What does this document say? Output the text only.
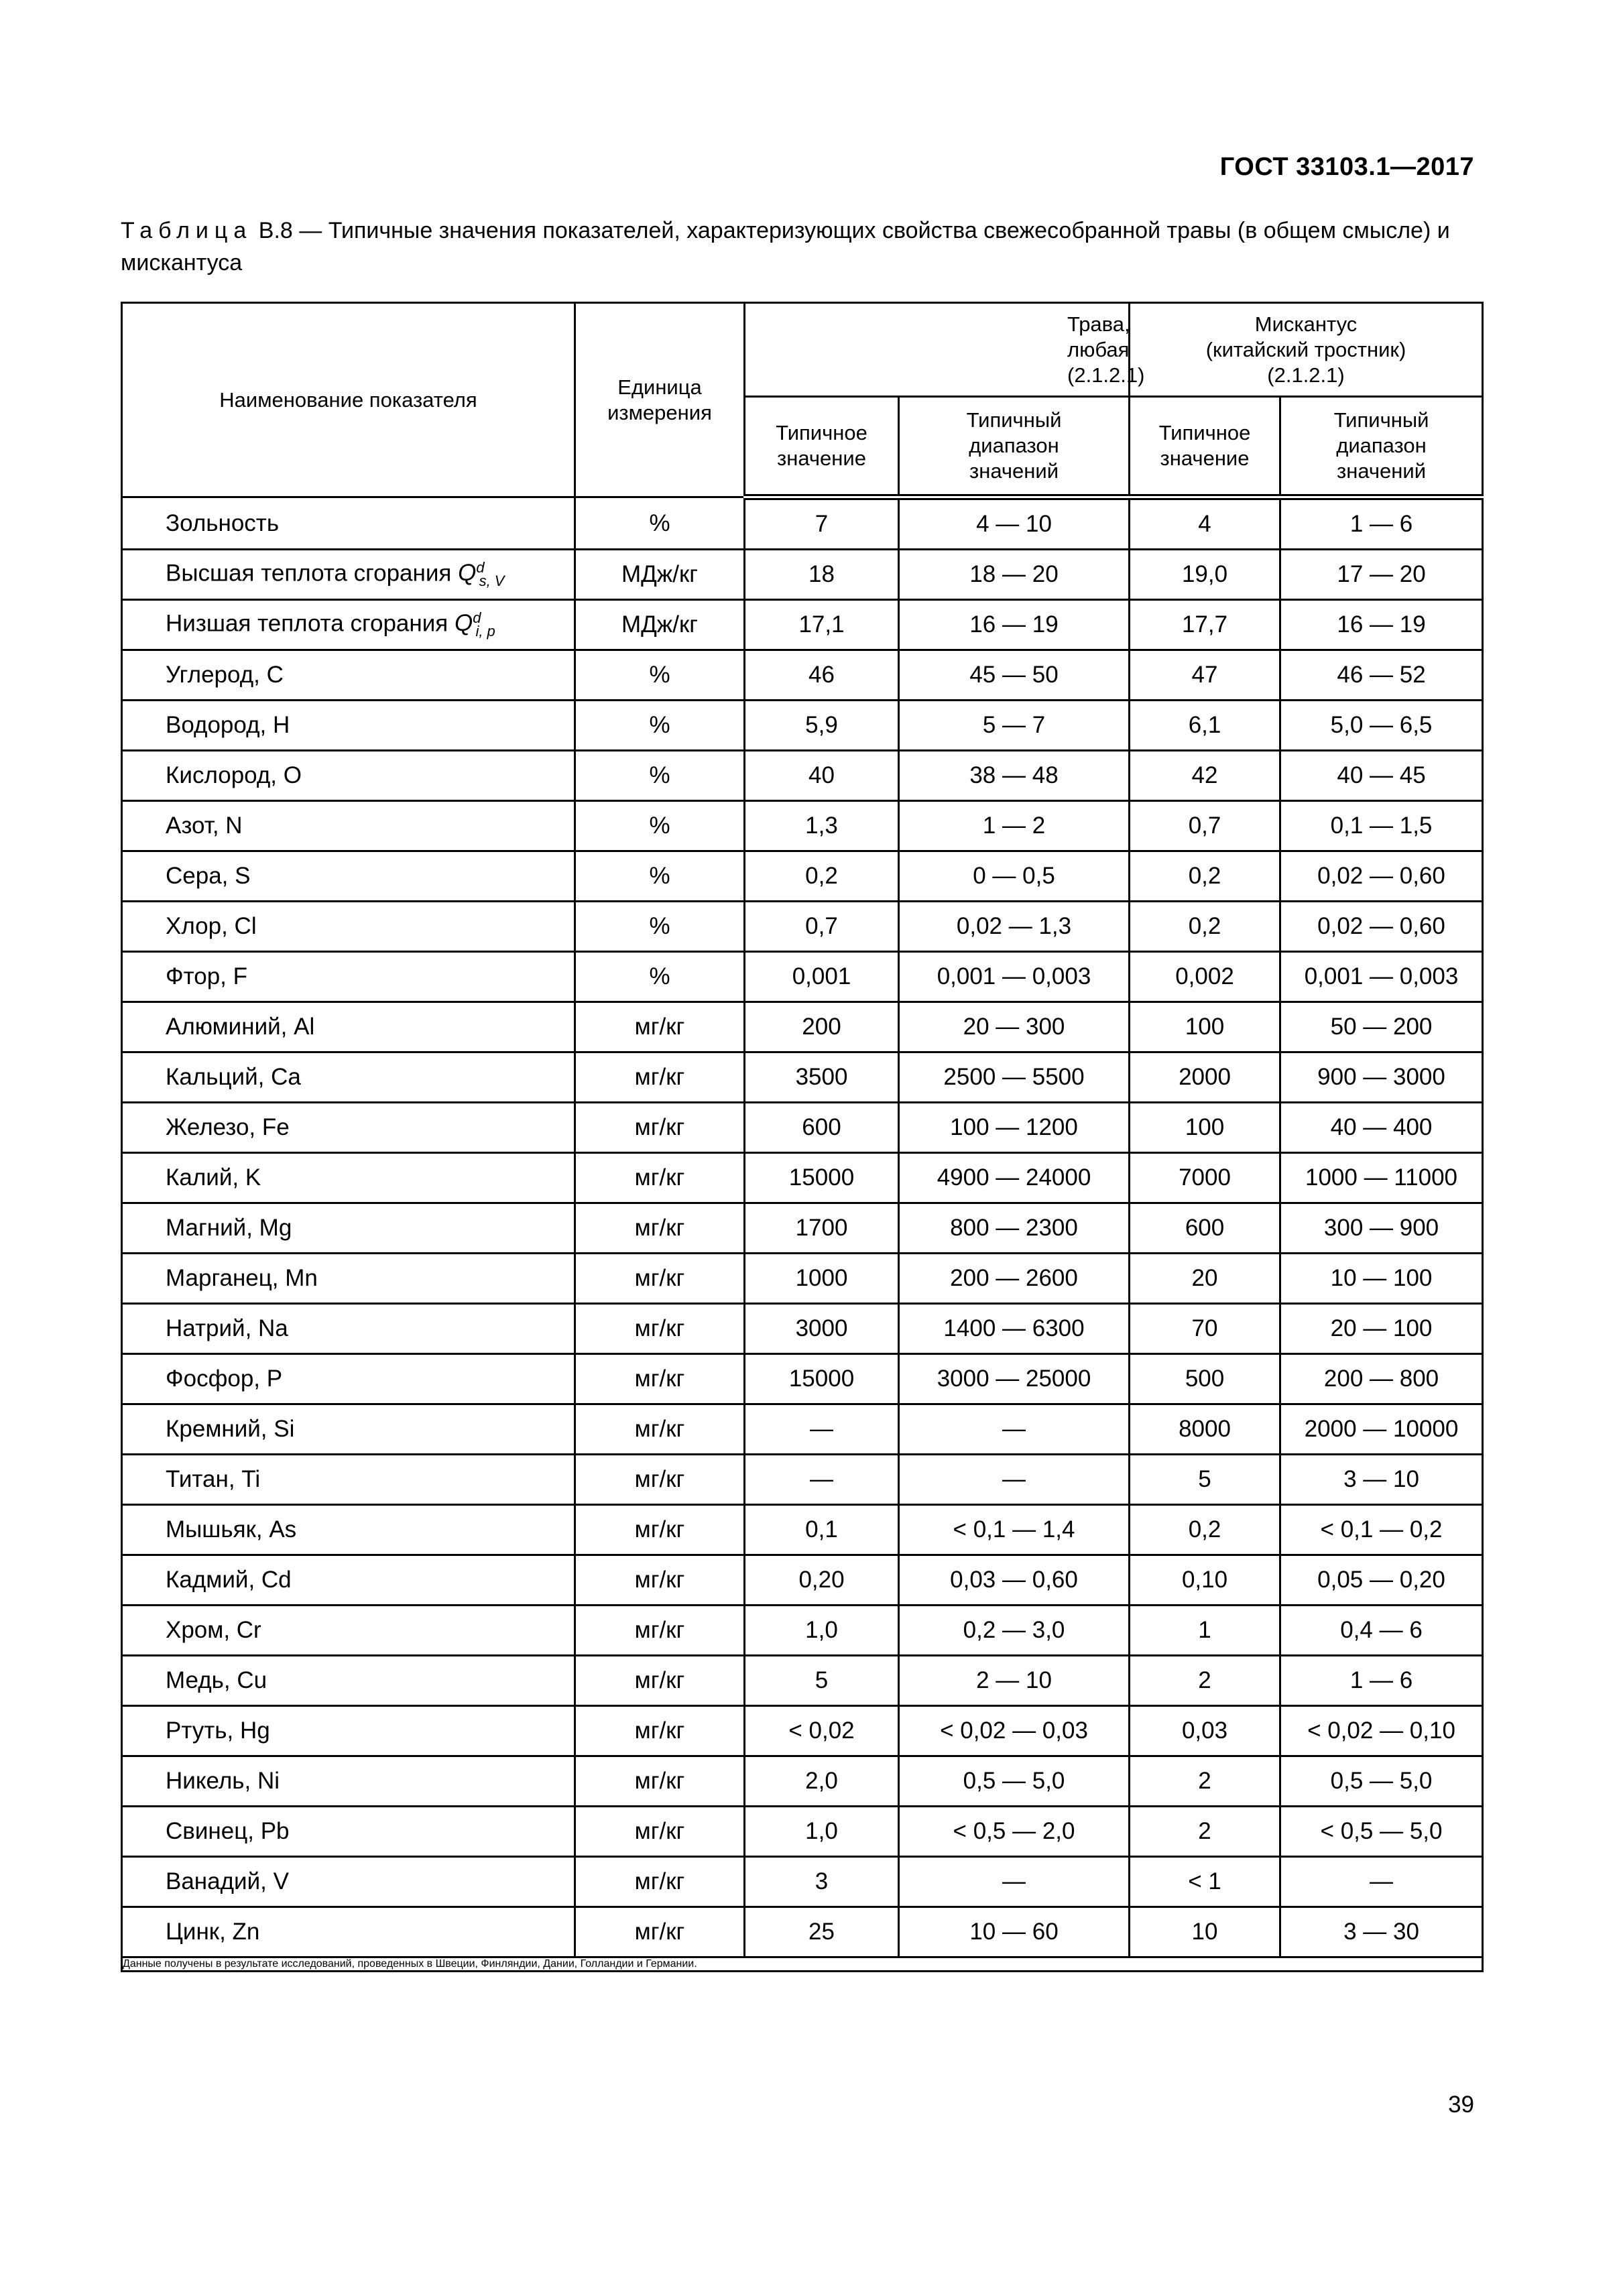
ГОСТ 33103.1—2017
Таблица В.8 — Типичные значения показателей, характеризующих свойства свежесобранной травы (в общем смысле) и мискантуса
Наименование показателя	Единица измерения	Трава, любая (2.1.2.1)		Мискантус
(китайский тростник)
(2.1.2.1)	

		Типичное значение	Типичный диапазон значений	Типичное значение	Типичный диапазон значений
Зольность	%	7	4 — 10	4	1 — 6
Высшая теплота сгорания $Q^d_{s, V}$	МДж/кг	18	18 — 20	19,0	17 — 20
Низшая теплота сгорания $Q^d_{i, p}$	МДж/кг	17,1	16 — 19	17,7	16 — 19
Углерод, C	%	46	45 — 50	47	46 — 52
Водород, H	%	5,9	5 — 7	6,1	5,0 — 6,5
Кислород, O	%	40	38 — 48	42	40 — 45
Азот, N	%	1,3	1 — 2	0,7	0,1 — 1,5
Сера, S	%	0,2	0 — 0,5	0,2	0,02 — 0,60
Хлор, Cl	%	0,7	0,02 — 1,3	0,2	0,02 — 0,60
Фтор, F	%	0,001	0,001 — 0,003	0,002	0,001 — 0,003
Алюминий, Al	мг/кг	200	20 — 300	100	50 — 200
Кальций, Ca	мг/кг	3500	2500 — 5500	2000	900 — 3000
Железо, Fe	мг/кг	600	100 — 1200	100	40 — 400
Калий, K	мг/кг	15000	4900 — 24000	7000	1000 — 11000
Магний, Mg	мг/кг	1700	800 — 2300	600	300 — 900
Марганец, Mn	мг/кг	1000	200 — 2600	20	10 — 100
Натрий, Na	мг/кг	3000	1400 — 6300	70	20 — 100
Фосфор, P	мг/кг	15000	3000 — 25000	500	200 — 800
Кремний, Si	мг/кг	—	—	8000	2000 — 10000
Титан, Ti	мг/кг	—	—	5	3 — 10
Мышьяк, As	мг/кг	0,1	< 0,1 — 1,4	0,2	< 0,1 — 0,2
Кадмий, Cd	мг/кг	0,20	0,03 — 0,60	0,10	0,05 — 0,20
Хром, Cr	мг/кг	1,0	0,2 — 3,0	1	0,4 — 6
Медь, Cu	мг/кг	5	2 — 10	2	1 — 6
Ртуть, Hg	мг/кг	< 0,02	< 0,02 — 0,03	0,03	< 0,02 — 0,10
Никель, Ni	мг/кг	2,0	0,5 — 5,0	2	0,5 — 5,0
Свинец, Pb	мг/кг	1,0	< 0,5 — 2,0	2	< 0,5 — 5,0
Ванадий, V	мг/кг	3	—	< 1	—
Цинк, Zn	мг/кг	25	10 — 60	10	3 — 30
Данные получены в результате исследований, проведенных в Швеции, Финляндии, Дании, Голландии и Германии.					
39
